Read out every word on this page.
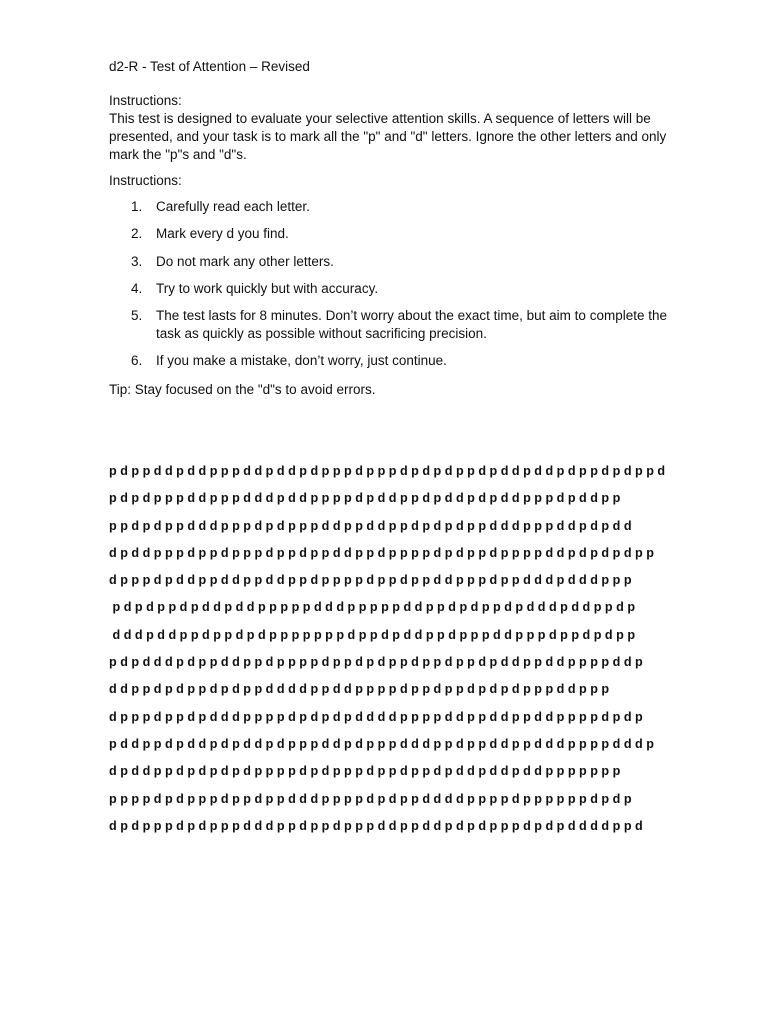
d2-R - Test of Attention – Revised

Instructions:

This test is designed to evaluate your selective attention skills. A sequence of letters will be presented, and your task is to mark all the "p" and "d" letters. Ignore the other letters and only mark the "p"s and "d"s.

Instructions:
1. Carefully read each letter.
2. Mark every d you find.
3. Do not mark any other letters.
4. Try to work quickly but with accuracy.
5. The test lasts for 8 minutes. Don’t worry about the exact time, but aim to complete the task as quickly as possible without sacrificing precision.
6. If you make a mistake, don’t worry, just continue.
Tip: Stay focused on the "d"s to avoid errors.
p d p p d d p d d p p p d d p d d p d p p p d p p p d p d p d p p d p d d p d d p d p p d p d p p d
p d p d p p p d d p p p d d d p d d p p p p d p d d p p d p d d p d p d d p p p d p d d p p
p p d p d p p d d d p p p d p d p p p d d p p d d p p d p d p d p p d d d p p p d d p d p d d
d p d d p p p d p p d p p p d p p d p p d d p p d p p p p d p d p p d p p p p d d p d p d p d p p
d p p p d p d d p p d d p p d d p p d p p p p d p p d p p d d p p p d p p d d d p d d d p p p
p d p d p p d p d d p d d p p p p p d d d p p p p p d d p p d p d p p d p d d d p d d p p d p
d d d p d d p p d p p d p d p p p p p p p d p p d p d d p p d p p p d d p p p d p p d p d p p
p d p d d d p d p p d d p p d p p p p d p p d p d p p d p p d p p d p d d p p d d p p p p d d p
d d p p d p d p p d p d p p d d d d p p d d p p p p d p p d p p d p d p d p p p d d p p p
d p p p d p p d p d d d p p p p d p d p d p d d d d p p p p d d p p d d p p d d p p p p d p d p
p d d p p d p d d p d p d d p d p p p d d p d p p p d d d p p d p p d d p p d d d p p p p d d d p
d p d d p p d p d p d p d p p p p d p d p p p d p p d p p d p d d p d d p d d p p p p p p p
p p p p d p d p p p d p p d p p d d d p p p p d p d p p d d d d p p p p d p p p p p p d p d p
d p d p p p d p d p p p d d d p p d p p d p p p d d p p d d p d p d p p p d p d p d d d d p p d
